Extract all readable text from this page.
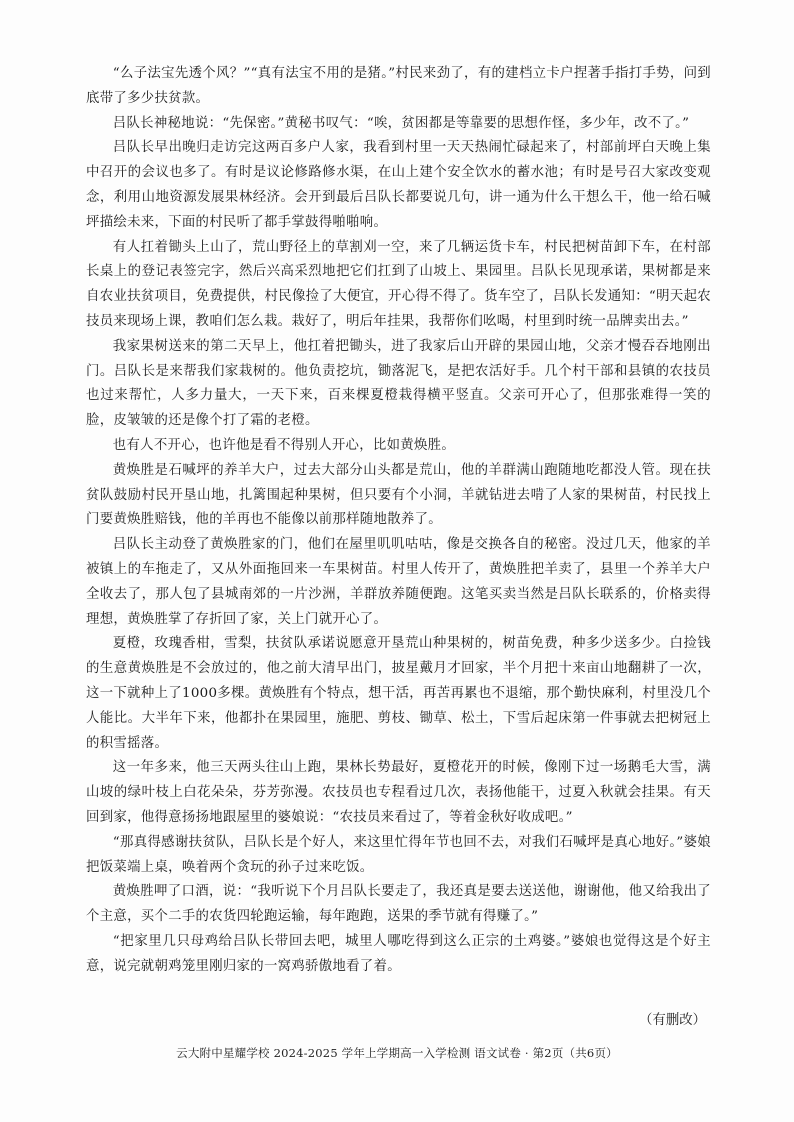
“么子法宝先透个风？”“真有法宝不用的是猪。”村民来劲了，有的建档立卡户捏著手指打手势，问到底带了多少扶贫款。

吕队长神秘地说：“先保密。”黄秘书叹气：“唉，贫困都是等靠要的思想作怪，多少年，改不了。”

吕队长早出晚归走访完这两百多户人家，我看到村里一天天热闹忙碌起来了，村部前坪白天晚上集中召开的会议也多了。有时是议论修路修水渠，在山上建个安全饮水的蓄水池；有时是号召大家改变观念，利用山地资源发展果林经济。会开到最后吕队长都要说几句，讲一通为什么干想么干，他一给石喊坪描绘未来，下面的村民听了都手掌鼓得啪啪响。

有人扛着锄头上山了，荒山野径上的草割刈一空，来了几辆运货卡车，村民把树苗卸下车，在村部长桌上的登记表签完字，然后兴高采烈地把它们扛到了山坡上、果园里。吕队长见现承诺，果树都是来自农业扶贫项目，免费提供，村民像捡了大便宜，开心得不得了。货车空了，吕队长发通知：“明天起农技员来现场上课，教咱们怎么栽。栽好了，明后年挂果，我帮你们吆喝，村里到时统一品牌卖出去。”

我家果树送来的第二天早上，他扛着把锄头，进了我家后山开辟的果园山地，父亲才慢吞吞地刚出门。吕队长是来帮我们家栽树的。他负责挖坑，锄落泥飞，是把农活好手。几个村干部和县镇的农技员也过来帮忙，人多力量大，一天下来，百来棵夏橙栽得横平竖直。父亲可开心了，但那张难得一笑的脸，皮皱皱的还是像个打了霜的老橙。

也有人不开心，也许他是看不得别人开心，比如黄焕胜。

黄焕胜是石喊坪的养羊大户，过去大部分山头都是荒山，他的羊群满山跑随地吃都没人管。现在扶贫队鼓励村民开垦山地，扎篱围起种果树，但只要有个小洞，羊就钻进去啃了人家的果树苗，村民找上门要黄焕胜赔钱，他的羊再也不能像以前那样随地散养了。

吕队长主动登了黄焕胜家的门，他们在屋里叽叽咕咕，像是交换各自的秘密。没过几天，他家的羊被镇上的车拖走了，又从外面拖回来一车果树苗。村里人传开了，黄焕胜把羊卖了，县里一个养羊大户全收去了，那人包了县城南郊的一片沙洲，羊群放养随便跑。这笔买卖当然是吕队长联系的，价格卖得理想，黄焕胜掌了存折回了家，关上门就开心了。

夏橙，玫瑰香柑，雪梨，扶贫队承诺说愿意开垦荒山种果树的，树苗免费，种多少送多少。白捡钱的生意黄焕胜是不会放过的，他之前大清早出门，披星戴月才回家，半个月把十来亩山地翻耕了一次，这一下就种上了1000多棵。黄焕胜有个特点，想干活，再苦再累也不退缩，那个勤快麻利，村里没几个人能比。大半年下来，他都扑在果园里，施肥、剪枝、锄草、松土，下雪后起床第一件事就去把树冠上的积雪摇落。

这一年多来，他三天两头往山上跑，果林长势最好，夏橙花开的时候，像刚下过一场鹅毛大雪，满山坡的绿叶枝上白花朵朵，芬芳弥漫。农技员也专程看过几次，表扬他能干，过夏入秋就会挂果。有天回到家，他得意扬扬地跟屋里的婆娘说：“农技员来看过了，等着金秋好收成吧。”

“那真得感谢扶贫队，吕队长是个好人，来这里忙得年节也回不去，对我们石喊坪是真心地好。”婆娘把饭菜端上桌，唤着两个贪玩的孙子过来吃饭。

黄焕胜呷了口酒，说：“我听说下个月吕队长要走了，我还真是要去送送他，谢谢他，他又给我出了个主意，买个二手的农货四轮跑运输，每年跑跑，送果的季节就有得赚了。”

“把家里几只母鸡给吕队长带回去吧，城里人哪吃得到这么正宗的土鸡婆。”婆娘也觉得这是个好主意，说完就朝鸡笼里刚归家的一窝鸡骄傲地看了着。

（有删改）
云大附中星耀学校 2024-2025 学年上学期高一入学检测 语文试卷 · 第2页（共6页）
